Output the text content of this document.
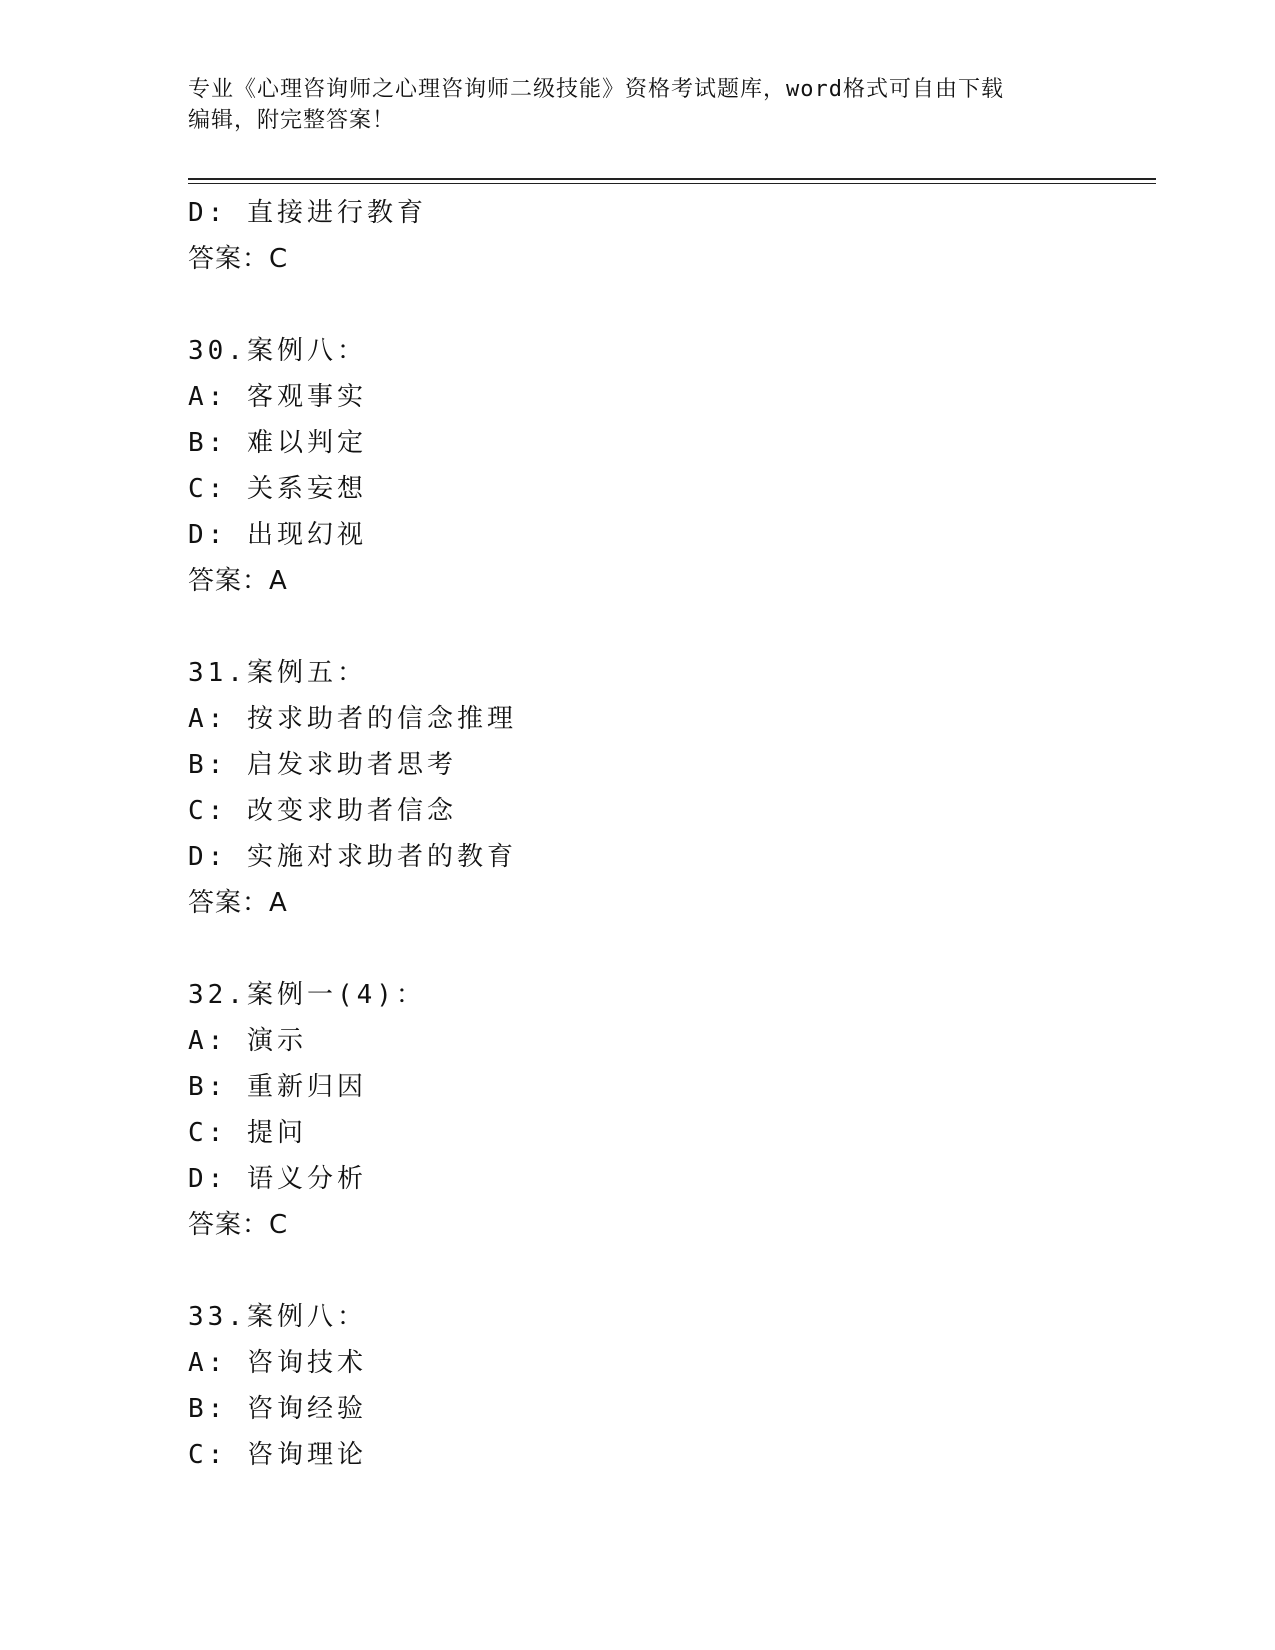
专业《心理咨询师之心理咨询师二级技能》资格考试题库，word格式可自由下载
编辑，附完整答案！
D: 直接进行教育
答案：C
30.案例八：
A: 客观事实
B: 难以判定
C: 关系妄想
D: 出现幻视
答案：A
31.案例五：
A: 按求助者的信念推理
B: 启发求助者思考
C: 改变求助者信念
D: 实施对求助者的教育
答案：A
32.案例一(4)：
A: 演示
B: 重新归因
C: 提问
D: 语义分析
答案：C
33.案例八：
A: 咨询技术
B: 咨询经验
C: 咨询理论
